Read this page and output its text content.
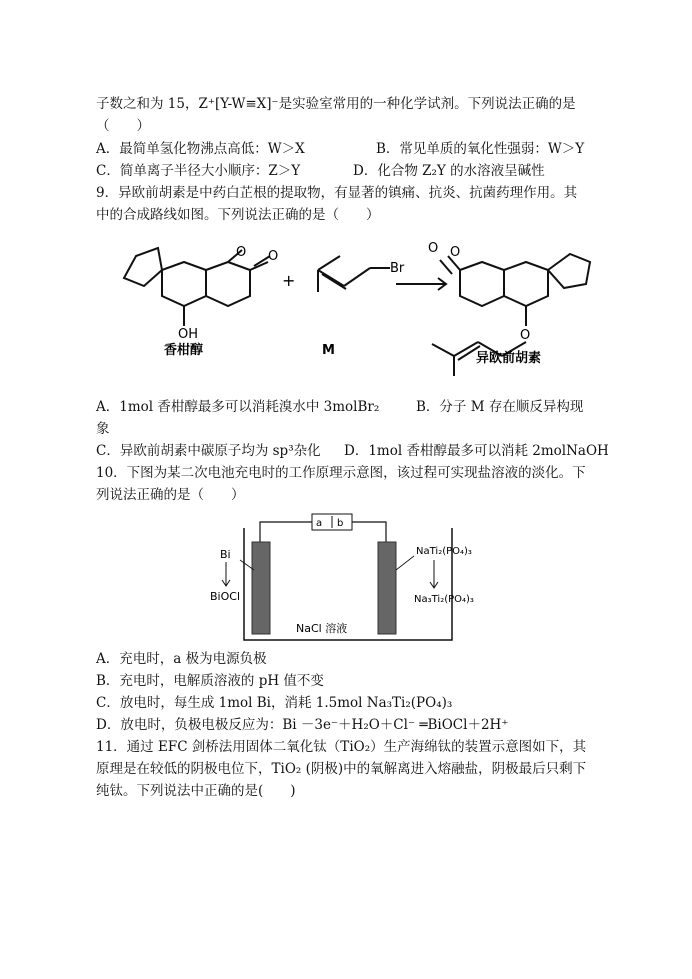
子数之和为 15，Z⁺[Y-W≡X]⁻是实验室常用的一种化学试剂。下列说法正确的是
（　　）
A．最简单氢化物沸点高低：W＞X	B．常见单质的氧化性强弱：W＞Y
C．简单离子半径大小顺序：Z＞Y	D．化合物 Z₂Y 的水溶液呈碱性
9．异欧前胡素是中药白芷根的提取物，有显著的镇痛、抗炎、抗菌药理作用。其
中的合成路线如图。下列说法正确的是（　　）
O O
+
Br
OH
香柑醇	M
O
O
O
异欧前胡素
A．1mol 香柑醇最多可以消耗溴水中 3molBr₂	B．分子 M 存在顺反异构现
象
C．异欧前胡素中碳原子均为 sp³杂化 D．1mol 香柑醇最多可以消耗 2molNaOH
10．下图为某二次电池充电时的工作原理示意图，该过程可实现盐溶液的淡化。下
列说法正确的是（　　）
a b
Bi
BiOCl
NaTi₂(PO₄)₃
Na₃Ti₂(PO₄)₃
NaCl 溶液
A．充电时，a 极为电源负极
B．充电时，电解质溶液的 pH 值不变
C．放电时，每生成 1mol Bi，消耗 1.5mol Na₃Ti₂(PO₄)₃
D．放电时，负极电极反应为：Bi －3e⁻＋H₂O＋Cl⁻ ═BiOCl＋2H⁺
11．通过 EFC 剑桥法用固体二氧化钛（TiO₂）生产海绵钛的装置示意图如下，其
原理是在较低的阴极电位下，TiO₂ (阴极)中的氧解离进入熔融盐，阴极最后只剩下
纯钛。下列说法中正确的是(　　)
